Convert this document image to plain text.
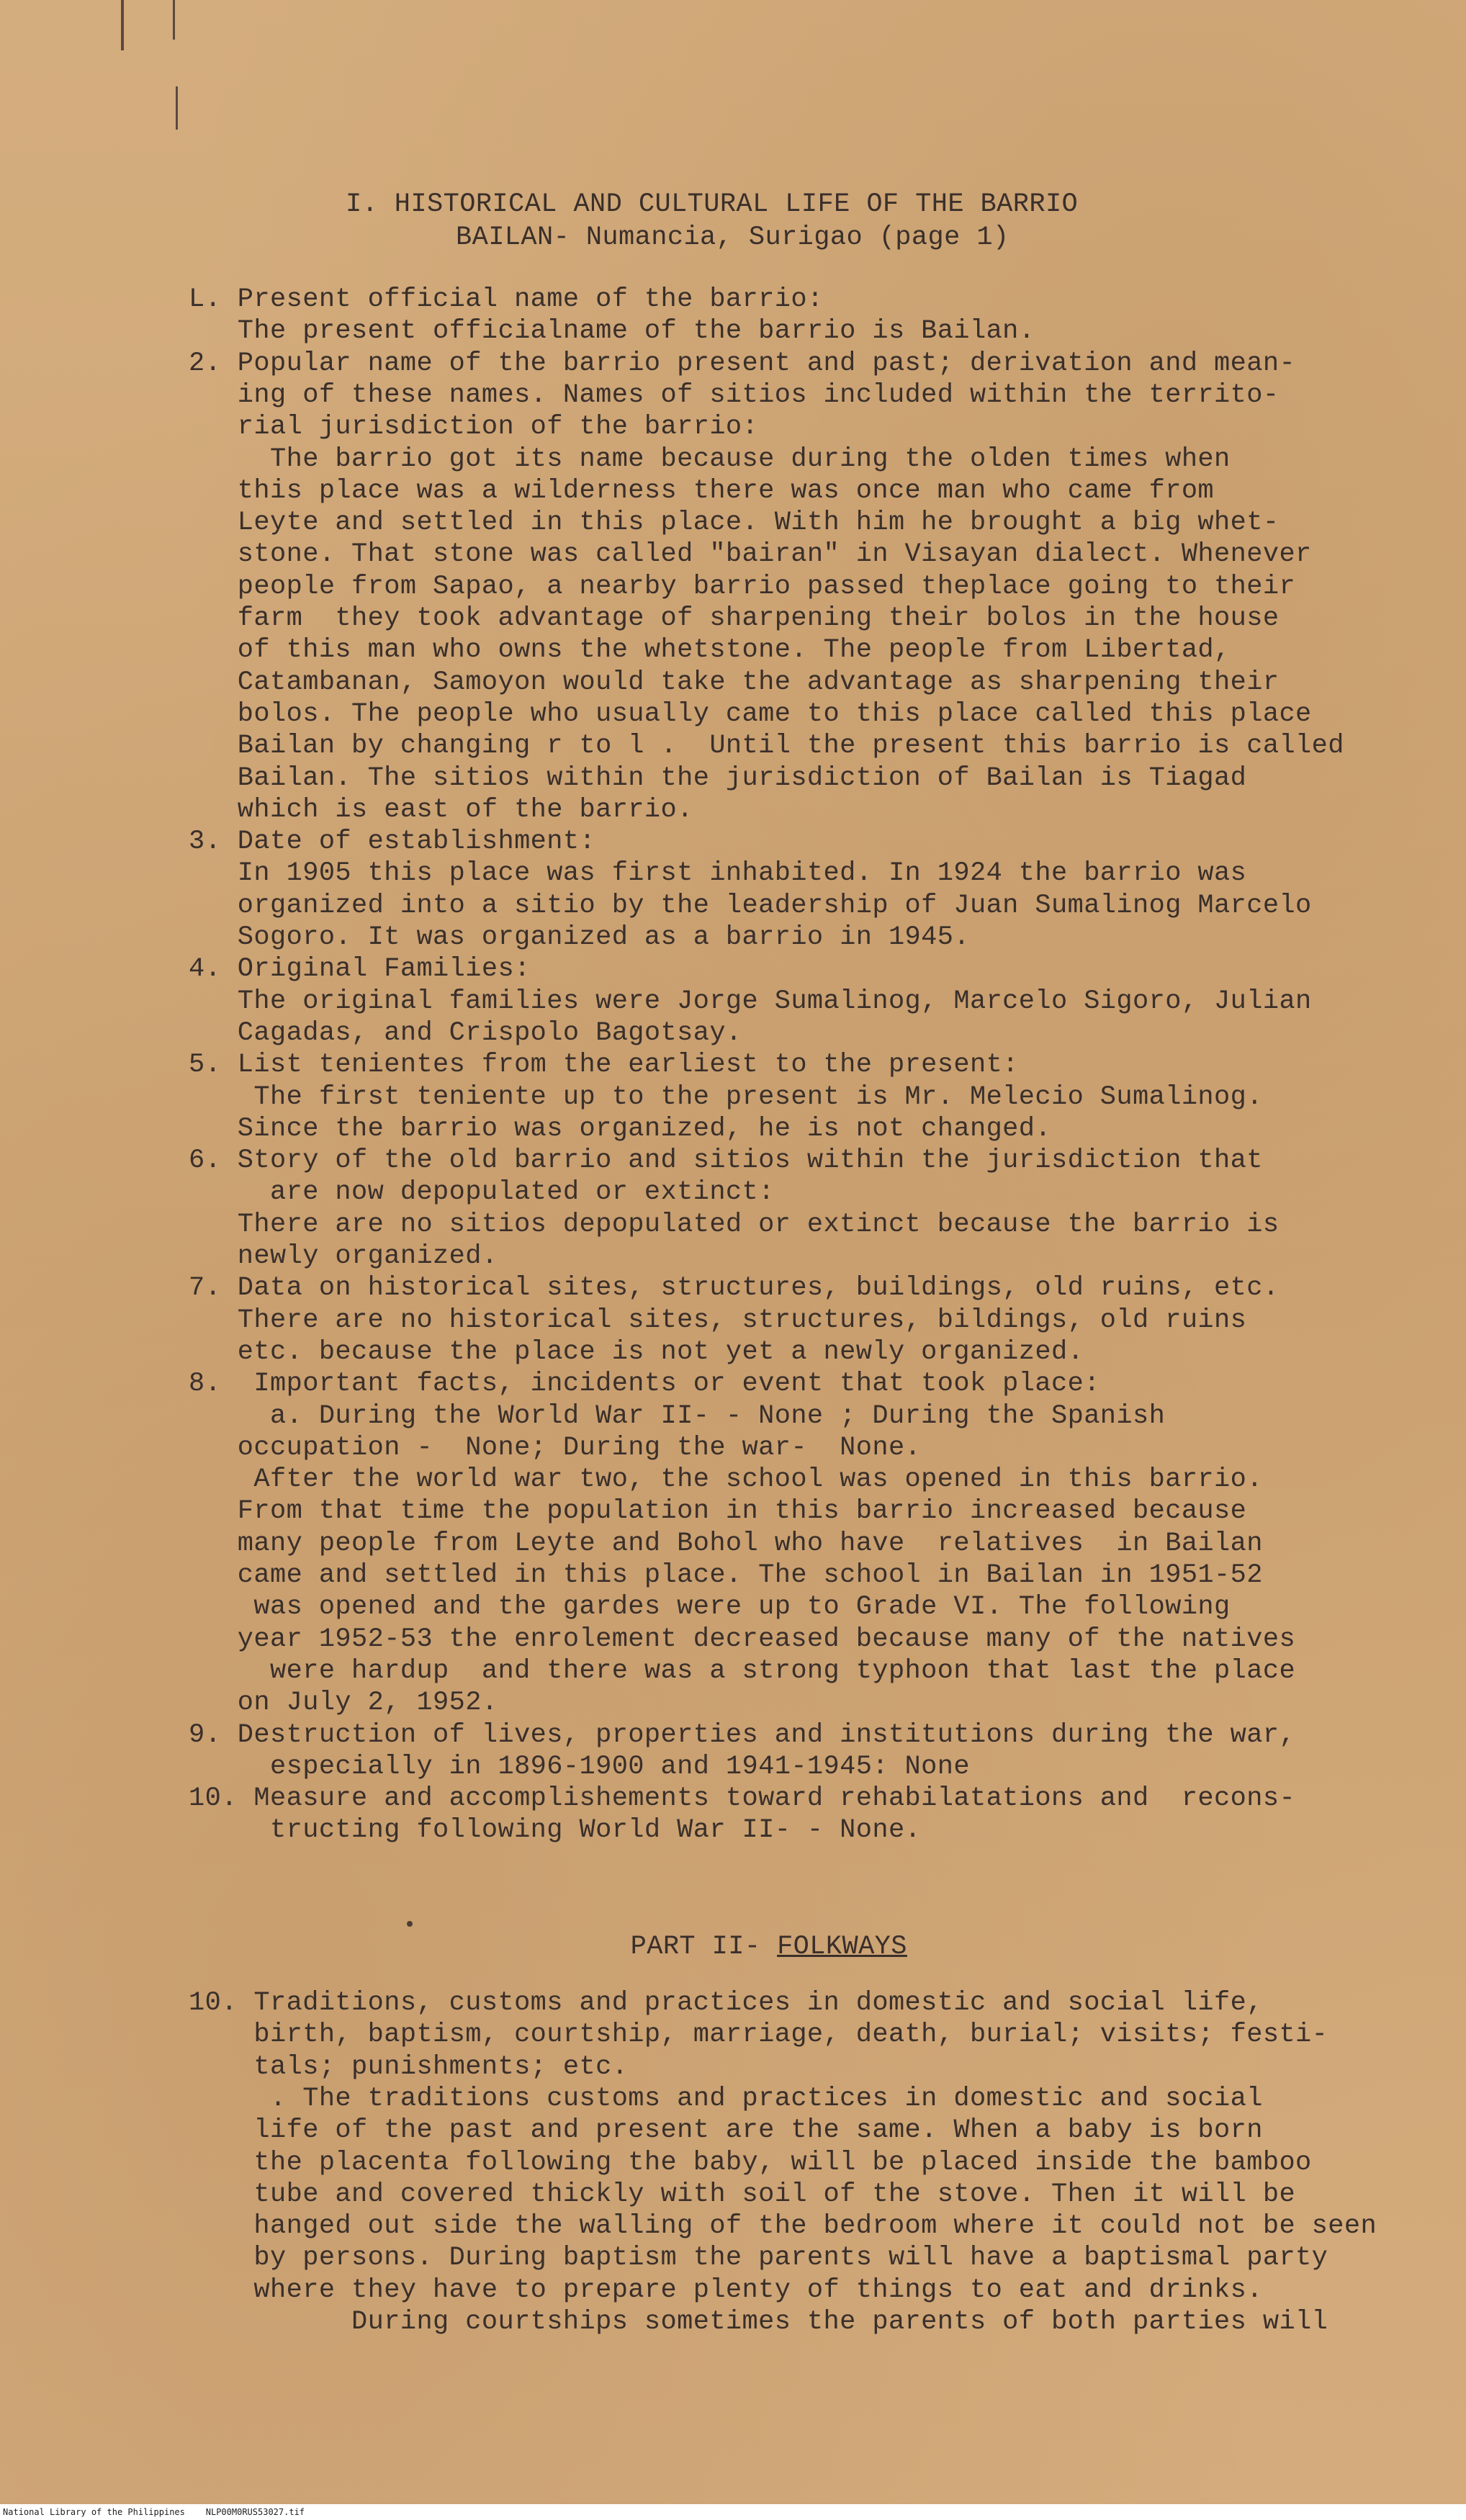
I. HISTORICAL AND CULTURAL LIFE OF THE BARRIO
BAILAN- Numancia, Surigao (page 1)
L. Present official name of the barrio:
The present officialname of the barrio is Bailan.
2. Popular name of the barrio present and past; derivation and mean-
ing of these names. Names of sitios included within the territo-
rial jurisdiction of the barrio:
The barrio got its name because during the olden times when
this place was a wilderness there was once man who came from
Leyte and settled in this place. With him he brought a big whet-
stone. That stone was called "bairan" in Visayan dialect. Whenever
people from Sapao, a nearby barrio passed theplace going to their
farm  they took advantage of sharpening their bolos in the house
of this man who owns the whetstone. The people from Libertad,
Catambanan, Samoyon would take the advantage as sharpening their
bolos. The people who usually came to this place called this place
Bailan by changing r to l .  Until the present this barrio is called
Bailan. The sitios within the jurisdiction of Bailan is Tiagad
which is east of the barrio.
3. Date of establishment:
In 1905 this place was first inhabited. In 1924 the barrio was
organized into a sitio by the leadership of Juan Sumalinog Marcelo
Sogoro. It was organized as a barrio in 1945.
4. Original Families:
The original families were Jorge Sumalinog, Marcelo Sigoro, Julian
Cagadas, and Crispolo Bagotsay.
5. List tenientes from the earliest to the present:
The first teniente up to the present is Mr. Melecio Sumalinog.
Since the barrio was organized, he is not changed.
6. Story of the old barrio and sitios within the jurisdiction that
are now depopulated or extinct:
There are no sitios depopulated or extinct because the barrio is
newly organized.
7. Data on historical sites, structures, buildings, old ruins, etc.
There are no historical sites, structures, bildings, old ruins
etc. because the place is not yet a newly organized.
8.  Important facts, incidents or event that took place:
a. During the World War II- - None ; During the Spanish
occupation -  None; During the war-  None.
After the world war two, the school was opened in this barrio.
From that time the population in this barrio increased because
many people from Leyte and Bohol who have  relatives  in Bailan
came and settled in this place. The school in Bailan in 1951-52
was opened and the gardes were up to Grade VI. The following
year 1952-53 the enrolement decreased because many of the natives
were hardup  and there was a strong typhoon that last the place
on July 2, 1952.
9. Destruction of lives, properties and institutions during the war,
especially in 1896-1900 and 1941-1945: None
10. Measure and accomplishements toward rehabilatations and  recons-
tructing following World War II- - None.

PART II- FOLKWAYS

10. Traditions, customs and practices in domestic and social life,
birth, baptism, courtship, marriage, death, burial; visits; festi-
tals; punishments; etc.
. The traditions customs and practices in domestic and social
life of the past and present are the same. When a baby is born
the placenta following the baby, will be placed inside the bamboo
tube and covered thickly with soil of the stove. Then it will be
hanged out side the walling of the bedroom where it could not be seen
by persons. During baptism the parents will have a baptismal party
where they have to prepare plenty of things to eat and drinks.
During courtships sometimes the parents of both parties will
National Library of the Philippines    NLP00M0RUS53027.tif
